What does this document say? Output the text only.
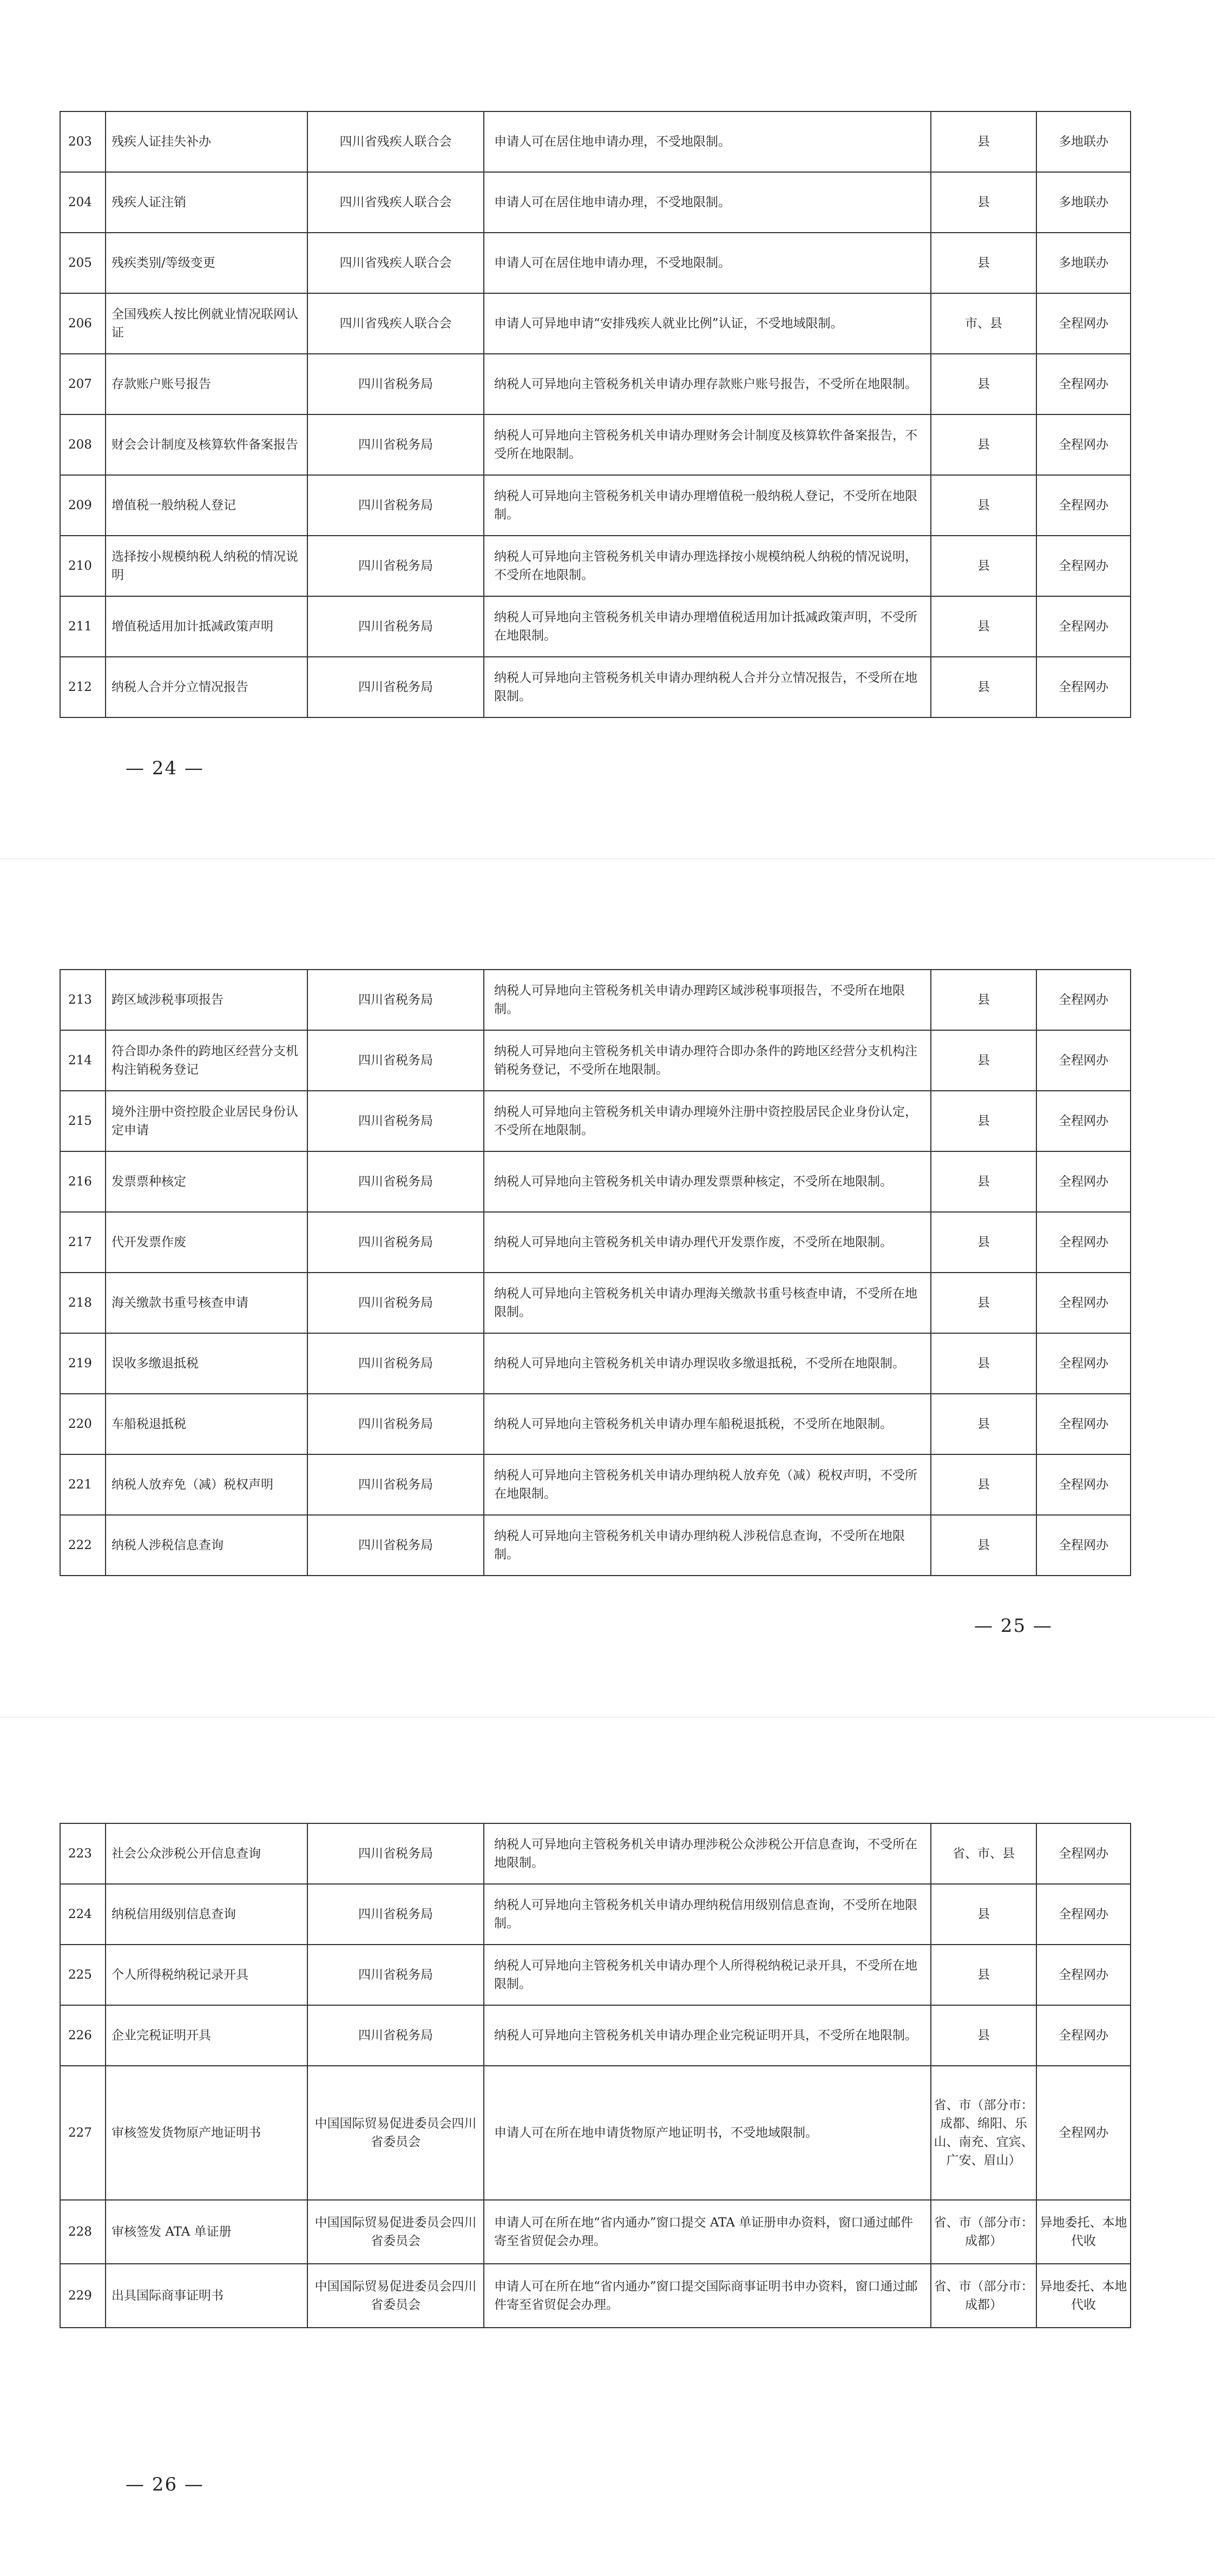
203	残疾人证挂失补办	四川省残疾人联合会	申请人可在居住地申请办理，不受地限制。	县	多地联办
204	残疾人证注销	四川省残疾人联合会	申请人可在居住地申请办理，不受地限制。	县	多地联办
205	残疾类别/等级变更	四川省残疾人联合会	申请人可在居住地申请办理，不受地限制。	县	多地联办
206	全国残疾人按比例就业情况联网认证	四川省残疾人联合会	申请人可异地申请“安排残疾人就业比例”认证，不受地域限制。	市、县	全程网办
207	存款账户账号报告	四川省税务局	纳税人可异地向主管税务机关申请办理存款账户账号报告，不受所在地限制。	县	全程网办
208	财会会计制度及核算软件备案报告	四川省税务局	纳税人可异地向主管税务机关申请办理财务会计制度及核算软件备案报告，不受所在地限制。	县	全程网办
209	增值税一般纳税人登记	四川省税务局	纳税人可异地向主管税务机关申请办理增值税一般纳税人登记，不受所在地限制。	县	全程网办
210	选择按小规模纳税人纳税的情况说明	四川省税务局	纳税人可异地向主管税务机关申请办理选择按小规模纳税人纳税的情况说明，不受所在地限制。	县	全程网办
211	增值税适用加计抵减政策声明	四川省税务局	纳税人可异地向主管税务机关申请办理增值税适用加计抵减政策声明，不受所在地限制。	县	全程网办
212	纳税人合并分立情况报告	四川省税务局	纳税人可异地向主管税务机关申请办理纳税人合并分立情况报告，不受所在地限制。	县	全程网办
— 24 —
213	跨区域涉税事项报告	四川省税务局	纳税人可异地向主管税务机关申请办理跨区域涉税事项报告，不受所在地限制。	县	全程网办
214	符合即办条件的跨地区经营分支机构注销税务登记	四川省税务局	纳税人可异地向主管税务机关申请办理符合即办条件的跨地区经营分支机构注销税务登记，不受所在地限制。	县	全程网办
215	境外注册中资控股企业居民身份认定申请	四川省税务局	纳税人可异地向主管税务机关申请办理境外注册中资控股居民企业身份认定，不受所在地限制。	县	全程网办
216	发票票种核定	四川省税务局	纳税人可异地向主管税务机关申请办理发票票种核定，不受所在地限制。	县	全程网办
217	代开发票作废	四川省税务局	纳税人可异地向主管税务机关申请办理代开发票作废，不受所在地限制。	县	全程网办
218	海关缴款书重号核查申请	四川省税务局	纳税人可异地向主管税务机关申请办理海关缴款书重号核查申请，不受所在地限制。	县	全程网办
219	误收多缴退抵税	四川省税务局	纳税人可异地向主管税务机关申请办理误收多缴退抵税，不受所在地限制。	县	全程网办
220	车船税退抵税	四川省税务局	纳税人可异地向主管税务机关申请办理车船税退抵税，不受所在地限制。	县	全程网办
221	纳税人放弃免（减）税权声明	四川省税务局	纳税人可异地向主管税务机关申请办理纳税人放弃免（减）税权声明，不受所在地限制。	县	全程网办
222	纳税人涉税信息查询	四川省税务局	纳税人可异地向主管税务机关申请办理纳税人涉税信息查询，不受所在地限制。	县	全程网办
— 25 —
223	社会公众涉税公开信息查询	四川省税务局	纳税人可异地向主管税务机关申请办理涉税公众涉税公开信息查询，不受所在地限制。	省、市、县	全程网办
224	纳税信用级别信息查询	四川省税务局	纳税人可异地向主管税务机关申请办理纳税信用级别信息查询，不受所在地限制。	县	全程网办
225	个人所得税纳税记录开具	四川省税务局	纳税人可异地向主管税务机关申请办理个人所得税纳税记录开具，不受所在地限制。	县	全程网办
226	企业完税证明开具	四川省税务局	纳税人可异地向主管税务机关申请办理企业完税证明开具，不受所在地限制。	县	全程网办
227	审核签发货物原产地证明书	中国国际贸易促进委员会四川省委员会	申请人可在所在地申请货物原产地证明书，不受地域限制。	省、市（部分市：成都、绵阳、乐山、南充、宜宾、广安、眉山）	全程网办
228	审核签发 ATA 单证册	中国国际贸易促进委员会四川省委员会	申请人可在所在地“省内通办”窗口提交 ATA 单证册申办资料，窗口通过邮件寄至省贸促会办理。	省、市（部分市：成都）	异地委托、本地代收
229	出具国际商事证明书	中国国际贸易促进委员会四川省委员会	申请人可在所在地“省内通办”窗口提交国际商事证明书申办资料，窗口通过邮件寄至省贸促会办理。	省、市（部分市：成都）	异地委托、本地代收
— 26 —
